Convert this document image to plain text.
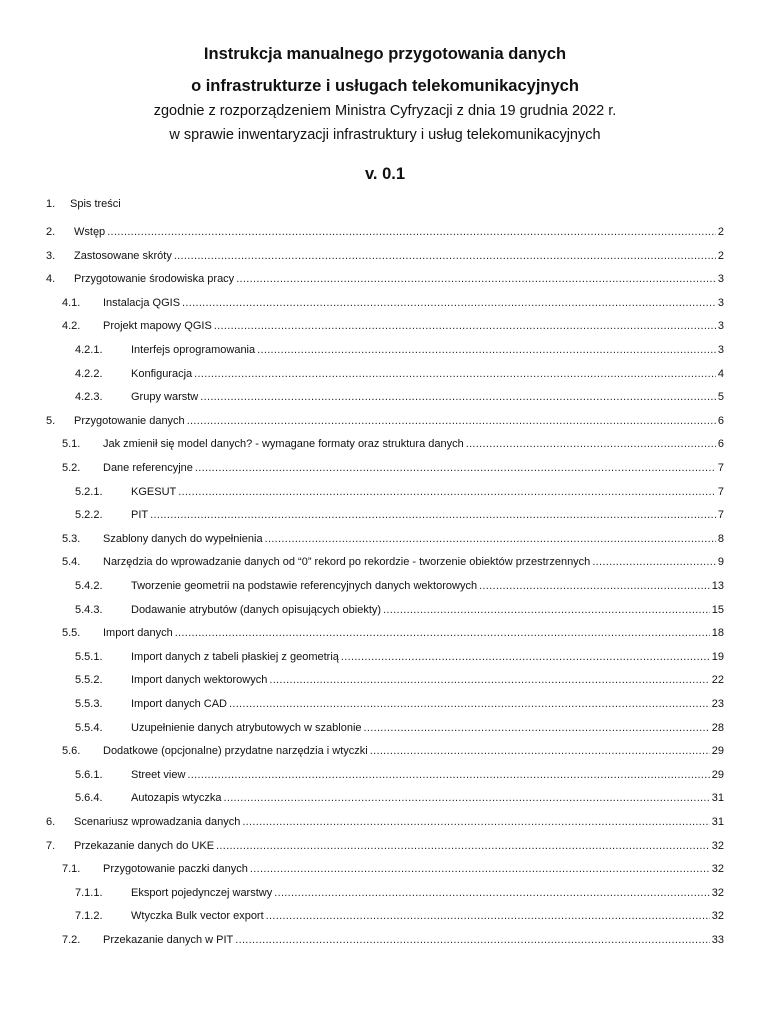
Instrukcja manualnego przygotowania danych
o infrastrukturze i usługach telekomunikacyjnych
zgodnie z rozporządzeniem Ministra Cyfryzacji z dnia 19 grudnia 2022 r.
w sprawie inwentaryzacji infrastruktury i usług telekomunikacyjnych
v. 0.1
1. Spis treści
2. Wstęp .....	2
3. Zastosowane skróty .....	2
4. Przygotowanie środowiska pracy .....	3
4.1. Instalacja QGIS .....	3
4.2. Projekt mapowy QGIS .....	3
4.2.1.	Interfejs oprogramowania .....	3
4.2.2.	Konfiguracja .....	4
4.2.3.	Grupy warstw .....	5
5. Przygotowanie danych .....	6
5.1. Jak zmienił się model danych? - wymagane formaty oraz struktura danych .....	6
5.2. Dane referencyjne .....	7
5.2.1.	KGESUT .....	7
5.2.2.	PIT .....	7
5.3. Szablony danych do wypełnienia .....	8
5.4. Narzędzia do wprowadzanie danych od “0” rekord po rekordzie - tworzenie obiektów przestrzennych .....	9
5.4.2.	Tworzenie geometrii na podstawie referencyjnych danych wektorowych .....	13
5.4.3.	Dodawanie atrybutów (danych opisujących obiekty) .....	15
5.5. Import danych .....	18
5.5.1.	Import danych z tabeli płaskiej z geometrią .....	19
5.5.2.	Import danych wektorowych .....	22
5.5.3.	Import danych CAD .....	23
5.5.4.	Uzupełnienie danych atrybutowych w szablonie .....	28
5.6. Dodatkowe (opcjonalne) przydatne narzędzia i wtyczki .....	29
5.6.1.	Street view .....	29
5.6.4.	Autozapis wtyczka .....	31
6. Scenariusz wprowadzania danych .....	31
7. Przekazanie danych do UKE .....	32
7.1. Przygotowanie paczki danych .....	32
7.1.1.	Eksport pojedynczej warstwy .....	32
7.1.2.	Wtyczka Bulk vector export .....	32
7.2. Przekazanie danych w PIT .....	33
